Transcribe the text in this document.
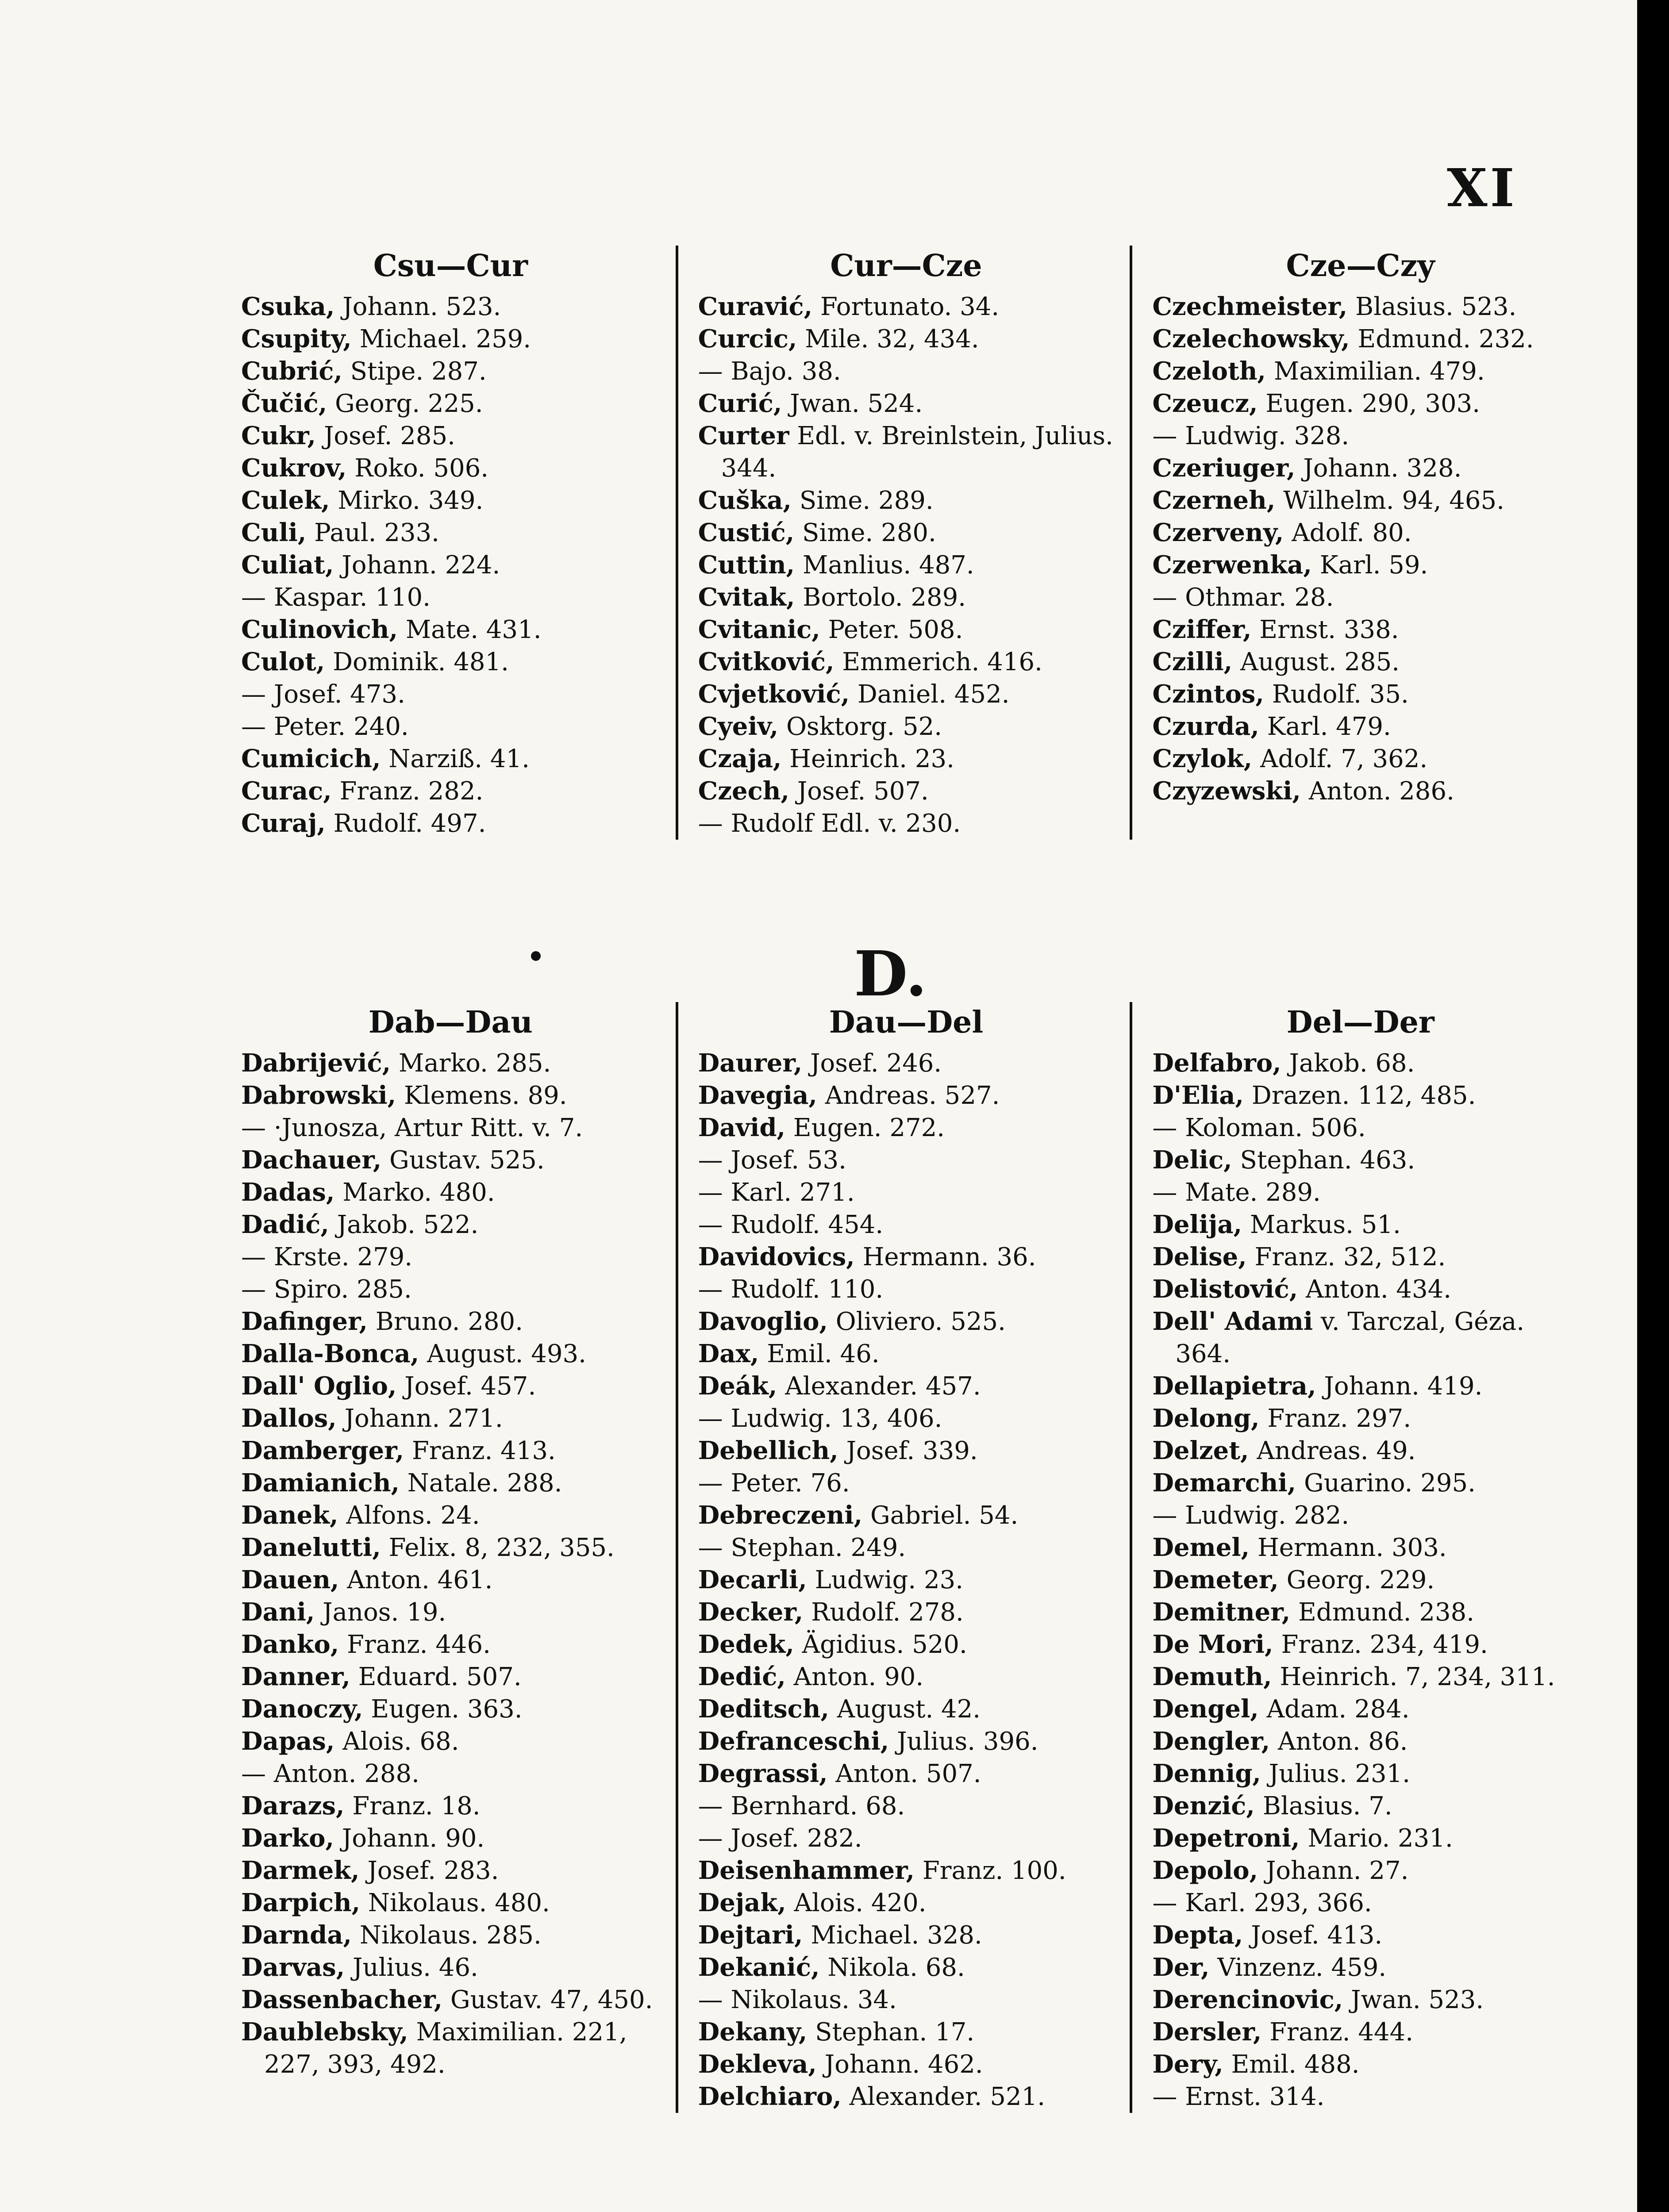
XI
Csu—Cur
Csuka, Johann. 523.
Csupity, Michael. 259.
Cubrić, Stipe. 287.
Čučić, Georg. 225.
Cukr, Josef. 285.
Cukrov, Roko. 506.
Culek, Mirko. 349.
Culi, Paul. 233.
Culiat, Johann. 224.
— Kaspar. 110.
Culinovich, Mate. 431.
Culot, Dominik. 481.
— Josef. 473.
— Peter. 240.
Cumicich, Narziß. 41.
Curac, Franz. 282.
Curaj, Rudolf. 497.
Cur—Cze
Curavić, Fortunato. 34.
Curcic, Mile. 32, 434.
— Bajo. 38.
Curić, Jwan. 524.
Curter Edl. v. Breinlstein, Julius. 344.
Cuška, Sime. 289.
Custić, Sime. 280.
Cuttin, Manlius. 487.
Cvitak, Bortolo. 289.
Cvitanic, Peter. 508.
Cvitković, Emmerich. 416.
Cvjetković, Daniel. 452.
Cyeiv, Osktorg. 52.
Czaja, Heinrich. 23.
Czech, Josef. 507.
— Rudolf Edl. v. 230.
Cze—Czy
Czechmeister, Blasius. 523.
Czelechowsky, Edmund. 232.
Czeloth, Maximilian. 479.
Czeucz, Eugen. 290, 303.
— Ludwig. 328.
Czeriuger, Johann. 328.
Czerneh, Wilhelm. 94, 465.
Czerveny, Adolf. 80.
Czerwenka, Karl. 59.
— Othmar. 28.
Cziffer, Ernst. 338.
Czilli, August. 285.
Czintos, Rudolf. 35.
Czurda, Karl. 479.
Czylok, Adolf. 7, 362.
Czyzewski, Anton. 286.
D.
Dab—Dau
Dabrijević, Marko. 285.
Dabrowski, Klemens. 89.
— ·Junosza, Artur Ritt. v. 7.
Dachauer, Gustav. 525.
Dadas, Marko. 480.
Dadić, Jakob. 522.
— Krste. 279.
— Spiro. 285.
Dafinger, Bruno. 280.
Dalla-Bonca, August. 493.
Dall' Oglio, Josef. 457.
Dallos, Johann. 271.
Damberger, Franz. 413.
Damianich, Natale. 288.
Danek, Alfons. 24.
Danelutti, Felix. 8, 232, 355.
Dauen, Anton. 461.
Dani, Janos. 19.
Danko, Franz. 446.
Danner, Eduard. 507.
Danoczy, Eugen. 363.
Dapas, Alois. 68.
— Anton. 288.
Darazs, Franz. 18.
Darko, Johann. 90.
Darmek, Josef. 283.
Darpich, Nikolaus. 480.
Darnda, Nikolaus. 285.
Darvas, Julius. 46.
Dassenbacher, Gustav. 47, 450.
Daublebsky, Maximilian. 221, 227, 393, 492.
Dau—Del
Daurer, Josef. 246.
Davegia, Andreas. 527.
David, Eugen. 272.
— Josef. 53.
— Karl. 271.
— Rudolf. 454.
Davidovics, Hermann. 36.
— Rudolf. 110.
Davoglio, Oliviero. 525.
Dax, Emil. 46.
Deák, Alexander. 457.
— Ludwig. 13, 406.
Debellich, Josef. 339.
— Peter. 76.
Debreczeni, Gabriel. 54.
— Stephan. 249.
Decarli, Ludwig. 23.
Decker, Rudolf. 278.
Dedek, Ägidius. 520.
Dedić, Anton. 90.
Deditsch, August. 42.
Defranceschi, Julius. 396.
Degrassi, Anton. 507.
— Bernhard. 68.
— Josef. 282.
Deisenhammer, Franz. 100.
Dejak, Alois. 420.
Dejtari, Michael. 328.
Dekanić, Nikola. 68.
— Nikolaus. 34.
Dekany, Stephan. 17.
Dekleva, Johann. 462.
Delchiaro, Alexander. 521.
Del—Der
Delfabro, Jakob. 68.
D'Elia, Drazen. 112, 485.
— Koloman. 506.
Delic, Stephan. 463.
— Mate. 289.
Delija, Markus. 51.
Delise, Franz. 32, 512.
Delistović, Anton. 434.
Dell' Adami v. Tarczal, Géza. 364.
Dellapietra, Johann. 419.
Delong, Franz. 297.
Delzet, Andreas. 49.
Demarchi, Guarino. 295.
— Ludwig. 282.
Demel, Hermann. 303.
Demeter, Georg. 229.
Demitner, Edmund. 238.
De Mori, Franz. 234, 419.
Demuth, Heinrich. 7, 234, 311.
Dengel, Adam. 284.
Dengler, Anton. 86.
Dennig, Julius. 231.
Denzić, Blasius. 7.
Depetroni, Mario. 231.
Depolo, Johann. 27.
— Karl. 293, 366.
Depta, Josef. 413.
Der, Vinzenz. 459.
Derencinovic, Jwan. 523.
Dersler, Franz. 444.
Dery, Emil. 488.
— Ernst. 314.
